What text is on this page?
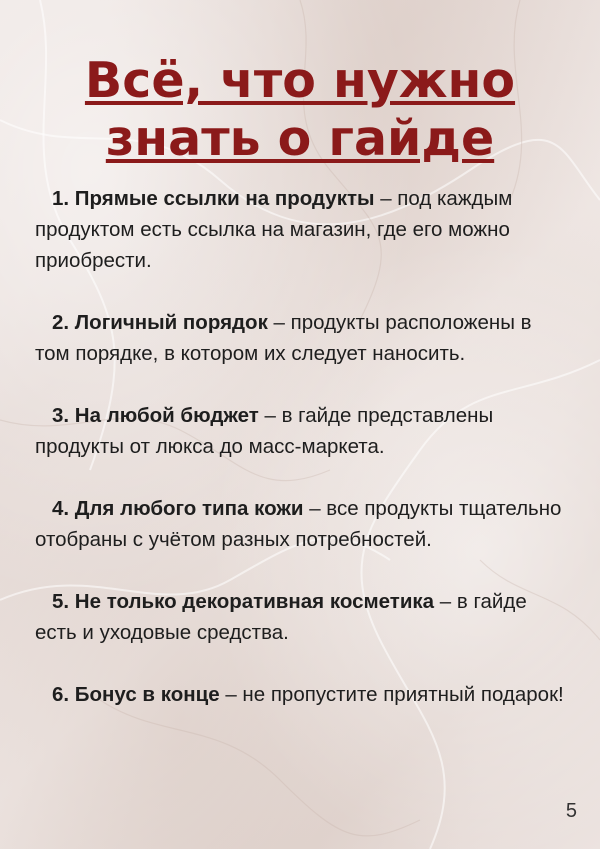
Всё, что нужно
знать о гайде

1. Прямые ссылки на продукты – под каждым продуктом есть ссылка на магазин, где его можно приобрести.

2. Логичный порядок – продукты расположены в том порядке, в котором их следует наносить.

3. На любой бюджет – в гайде представлены продукты от люкса до масс-маркета.

4. Для любого типа кожи – все продукты тщательно отобраны с учётом разных потребностей.

5. Не только декоративная косметика – в гайде есть и уходовые средства.

6. Бонус в конце – не пропустите приятный подарок!

5
